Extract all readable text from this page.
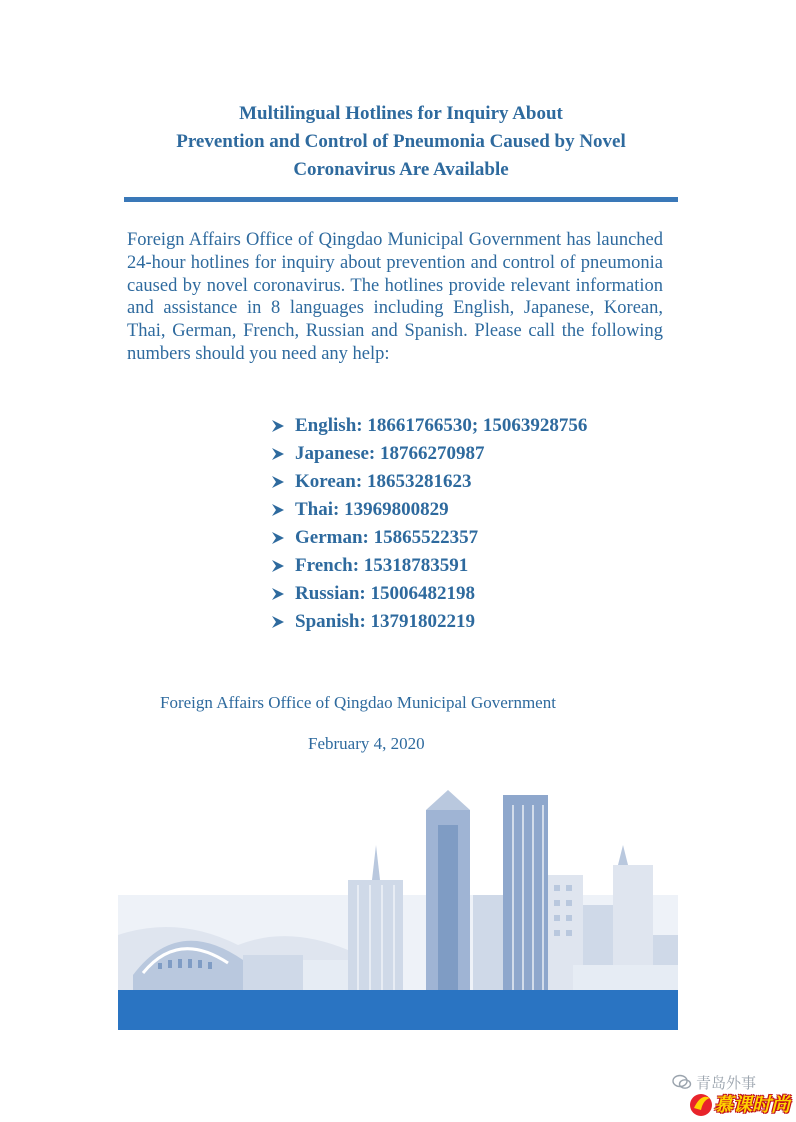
Multilingual Hotlines for Inquiry About
Prevention and Control of Pneumonia Caused by Novel
Coronavirus Are Available

Foreign Affairs Office of Qingdao Municipal Government has launched 24-hour hotlines for inquiry about prevention and control of pneumonia caused by novel coronavirus. The hotlines provide relevant information and assistance in 8 languages including English, Japanese, Korean, Thai, German, French, Russian and Spanish. Please call the following numbers should you need any help:

English: 18661766530; 15063928756
Japanese: 18766270987
Korean: 18653281623
Thai: 13969800829
German: 15865522357
French: 15318783591
Russian: 15006482198
Spanish: 13791802219
Foreign Affairs Office of Qingdao Municipal Government
February 4, 2020
青岛外事
慕课时尚
